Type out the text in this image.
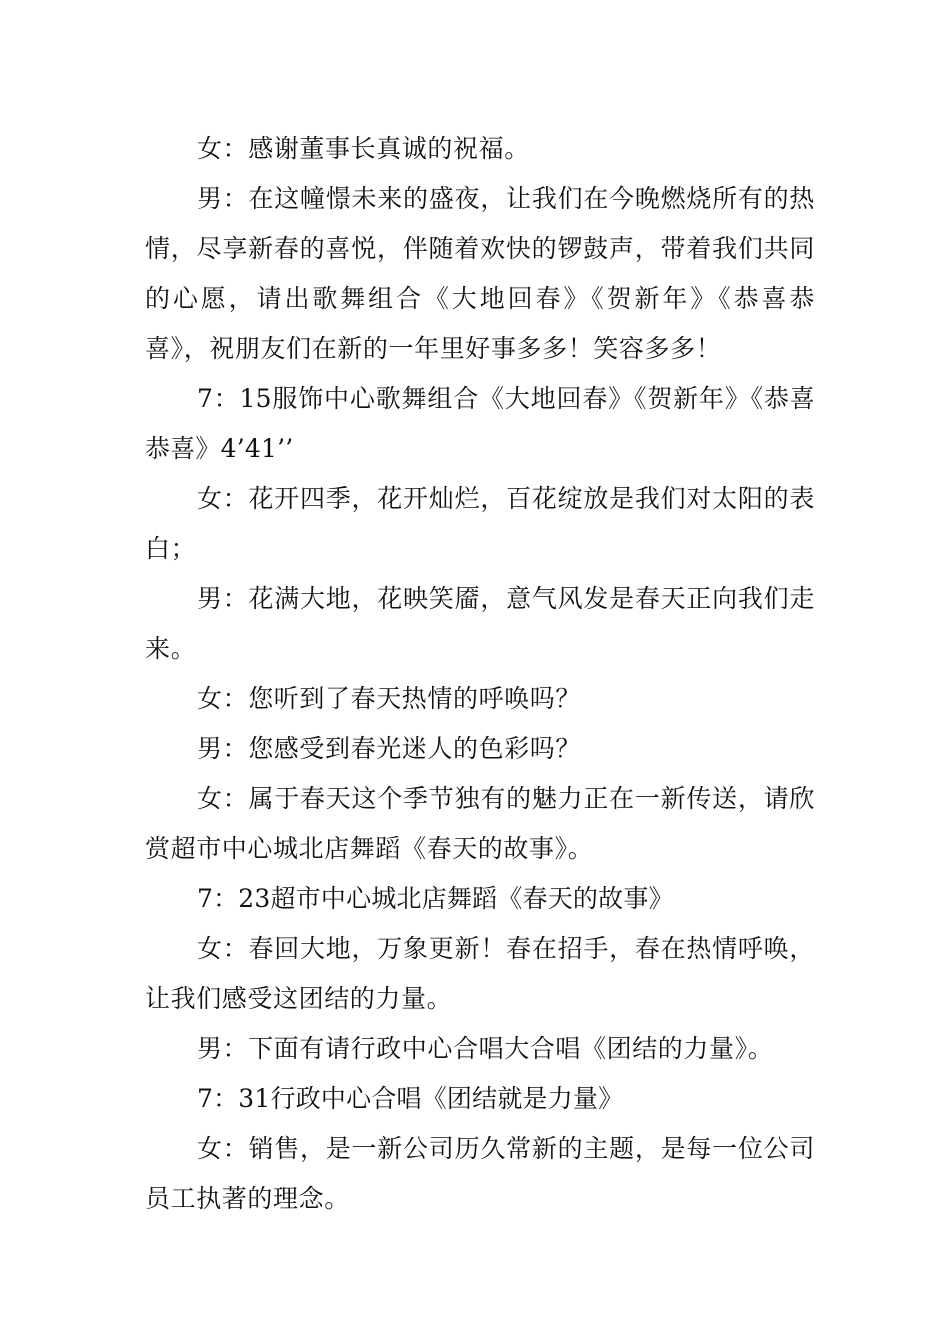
女：感谢董事长真诚的祝福。

男：在这幢憬未来的盛夜，让我们在今晚燃烧所有的热情，尽享新春的喜悦，伴随着欢快的锣鼓声，带着我们共同的心愿，请出歌舞组合《大地回春》《贺新年》《恭喜恭喜》，祝朋友们在新的一年里好事多多！笑容多多！

7：15服饰中心歌舞组合《大地回春》《贺新年》《恭喜恭喜》4’41’’

女：花开四季，花开灿烂，百花绽放是我们对太阳的表白；

男：花满大地，花映笑靥，意气风发是春天正向我们走来。

女：您听到了春天热情的呼唤吗？

男：您感受到春光迷人的色彩吗？

女：属于春天这个季节独有的魅力正在一新传送，请欣赏超市中心城北店舞蹈《春天的故事》。

7：23超市中心城北店舞蹈《春天的故事》

女：春回大地，万象更新！春在招手，春在热情呼唤，让我们感受这团结的力量。

男：下面有请行政中心合唱大合唱《团结的力量》。

7：31行政中心合唱《团结就是力量》

女：销售，是一新公司历久常新的主题，是每一位公司员工执著的理念。
